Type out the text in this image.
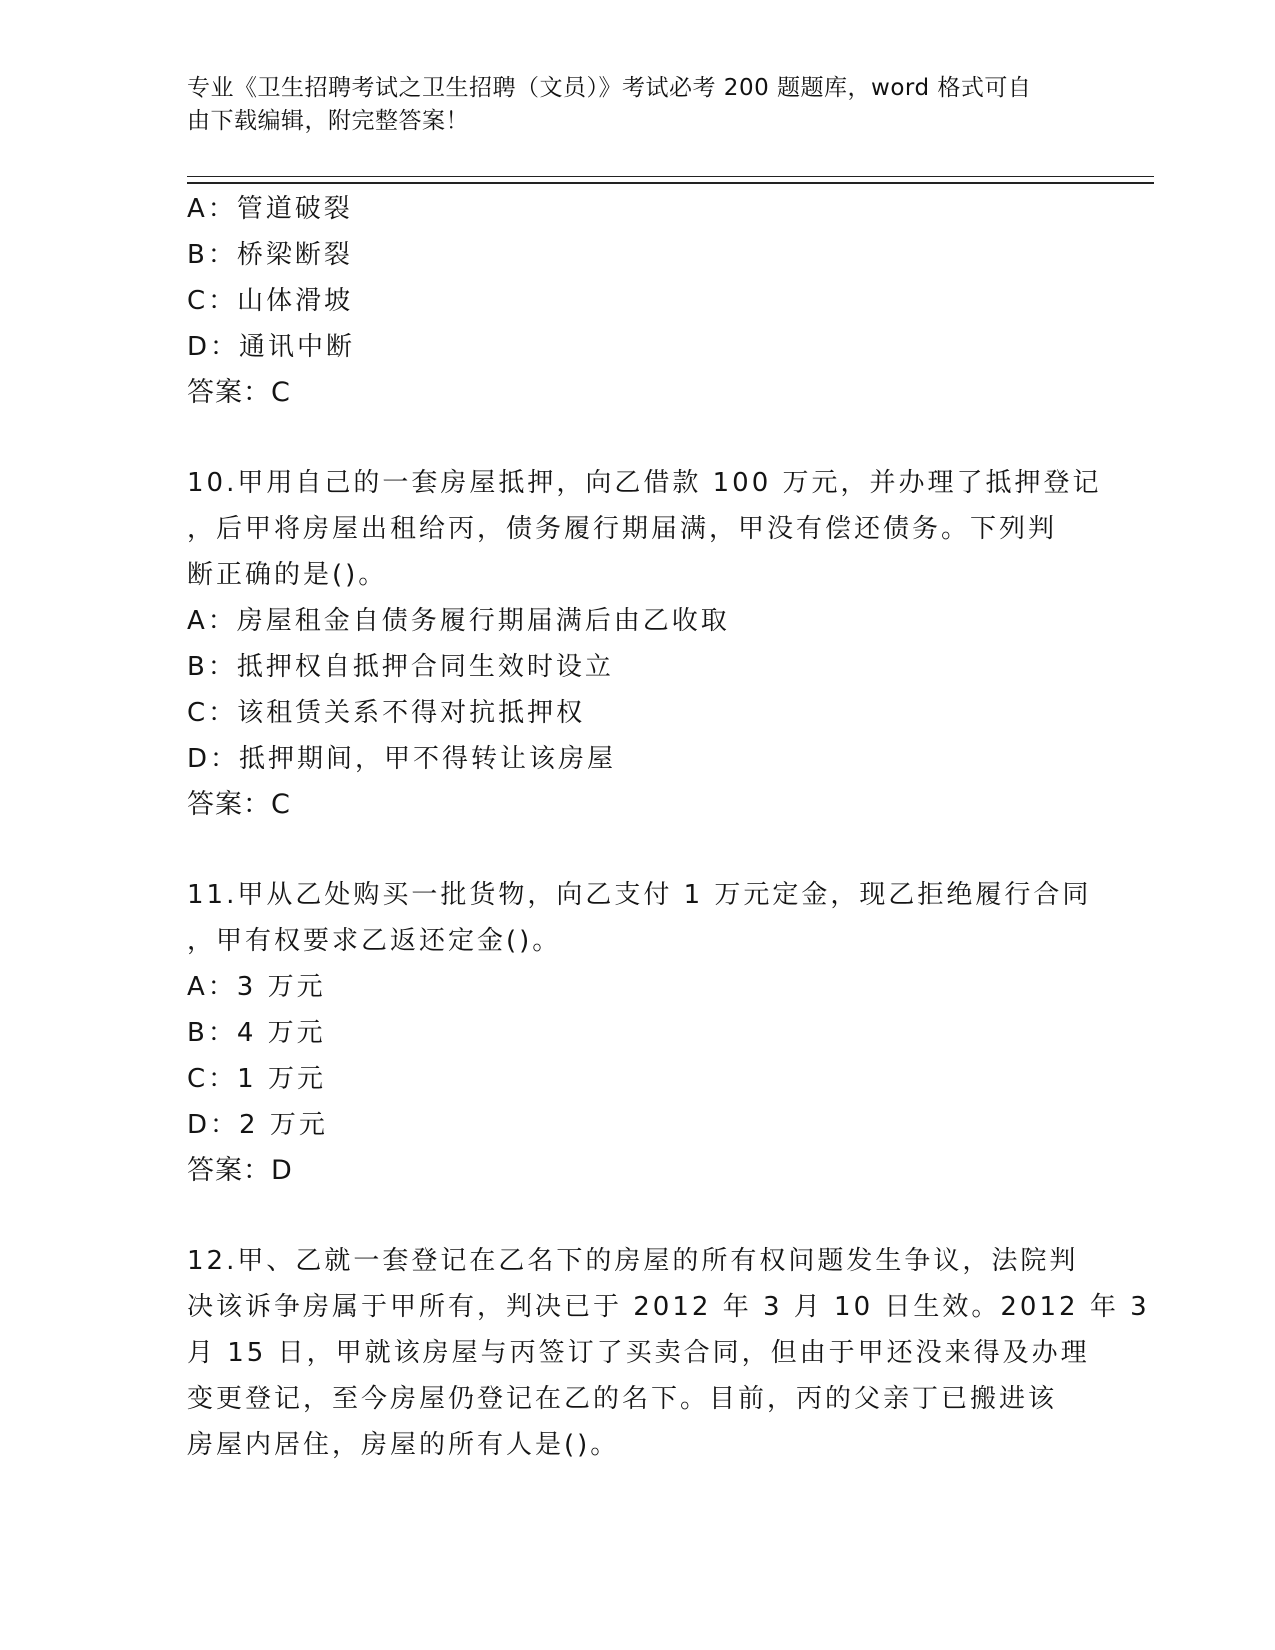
专业《卫生招聘考试之卫生招聘（文员）》考试必考 200 题题库，word 格式可自
由下载编辑，附完整答案！
A：管道破裂
B：桥梁断裂
C：山体滑坡
D：通讯中断
答案：C
10.甲用自己的一套房屋抵押，向乙借款 100 万元，并办理了抵押登记
，后甲将房屋出租给丙，债务履行期届满，甲没有偿还债务。下列判
断正确的是()。
A：房屋租金自债务履行期届满后由乙收取
B：抵押权自抵押合同生效时设立
C：该租赁关系不得对抗抵押权
D：抵押期间，甲不得转让该房屋
答案：C
11.甲从乙处购买一批货物，向乙支付 1 万元定金，现乙拒绝履行合同
，甲有权要求乙返还定金()。
A：3 万元
B：4 万元
C：1 万元
D：2 万元
答案：D
12.甲、乙就一套登记在乙名下的房屋的所有权问题发生争议，法院判
决该诉争房属于甲所有，判决已于 2012 年 3 月 10 日生效。2012 年 3
月 15 日，甲就该房屋与丙签订了买卖合同，但由于甲还没来得及办理
变更登记，至今房屋仍登记在乙的名下。目前，丙的父亲丁已搬进该
房屋内居住，房屋的所有人是()。
